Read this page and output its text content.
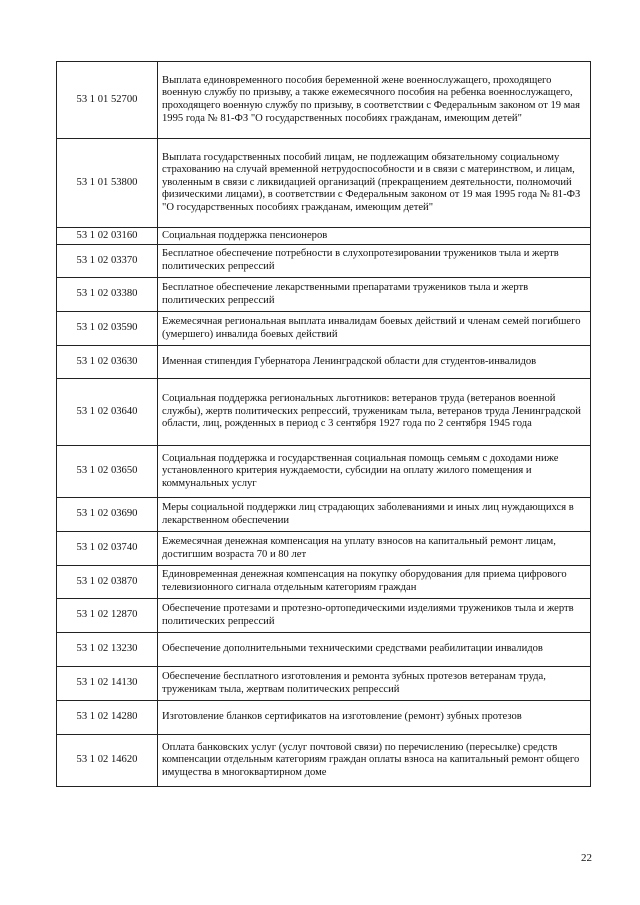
53 1 01 52700	Выплата единовременного пособия беременной жене военнослужащего, проходящего военную службу по призыву, а также ежемесячного пособия на ребенка военнослужащего, проходящего военную службу по призыву, в соответствии с Федеральным законом от 19 мая 1995 года № 81-ФЗ "О государственных пособиях гражданам, имеющим детей"
53 1 01 53800	Выплата государственных пособий лицам, не подлежащим обязательному социальному страхованию на случай временной нетрудоспособности и в связи с материнством, и лицам, уволенным в связи с ликвидацией организаций (прекращением деятельности, полномочий физическими лицами), в соответствии с Федеральным законом от 19 мая 1995 года № 81-ФЗ "О государственных пособиях гражданам, имеющим детей"
53 1 02 03160	Социальная поддержка пенсионеров
53 1 02 03370	Бесплатное обеспечение потребности в слухопротезировании тружеников тыла и жертв политических репрессий
53 1 02 03380	Бесплатное обеспечение лекарственными препаратами тружеников тыла и жертв политических репрессий
53 1 02 03590	Ежемесячная региональная выплата инвалидам боевых действий и членам семей погибшего (умершего) инвалида боевых действий
53 1 02 03630	Именная стипендия Губернатора Ленинградской области для студентов-инвалидов
53 1 02 03640	Социальная поддержка региональных льготников: ветеранов труда (ветеранов военной службы), жертв политических репрессий, труженикам тыла, ветеранов труда Ленинградской области, лиц, рожденных в период с 3 сентября 1927 года по 2 сентября 1945 года
53 1 02 03650	Социальная поддержка и государственная социальная помощь семьям с доходами ниже установленного критерия нуждаемости, субсидии на оплату жилого помещения и коммунальных услуг
53 1 02 03690	Меры социальной поддержки лиц страдающих заболеваниями и иных лиц нуждающихся в лекарственном обеспечении
53 1 02 03740	Ежемесячная денежная компенсация на уплату взносов на капитальный ремонт лицам, достигшим возраста 70 и 80 лет
53 1 02 03870	Единовременная денежная компенсация на покупку оборудования для приема цифрового телевизионного сигнала отдельным категориям граждан
53 1 02 12870	Обеспечение протезами и протезно-ортопедическими изделиями тружеников тыла и жертв политических репрессий
53 1 02 13230	Обеспечение дополнительными техническими средствами реабилитации инвалидов
53 1 02 14130	Обеспечение бесплатного изготовления и ремонта зубных протезов ветеранам труда, труженикам тыла, жертвам политических репрессий
53 1 02 14280	Изготовление бланков сертификатов на изготовление (ремонт) зубных протезов
53 1 02 14620	Оплата банковских услуг (услуг почтовой связи) по перечислению (пересылке) средств компенсации отдельным категориям граждан оплаты взноса на капитальный ремонт общего имущества в многоквартирном доме
22
